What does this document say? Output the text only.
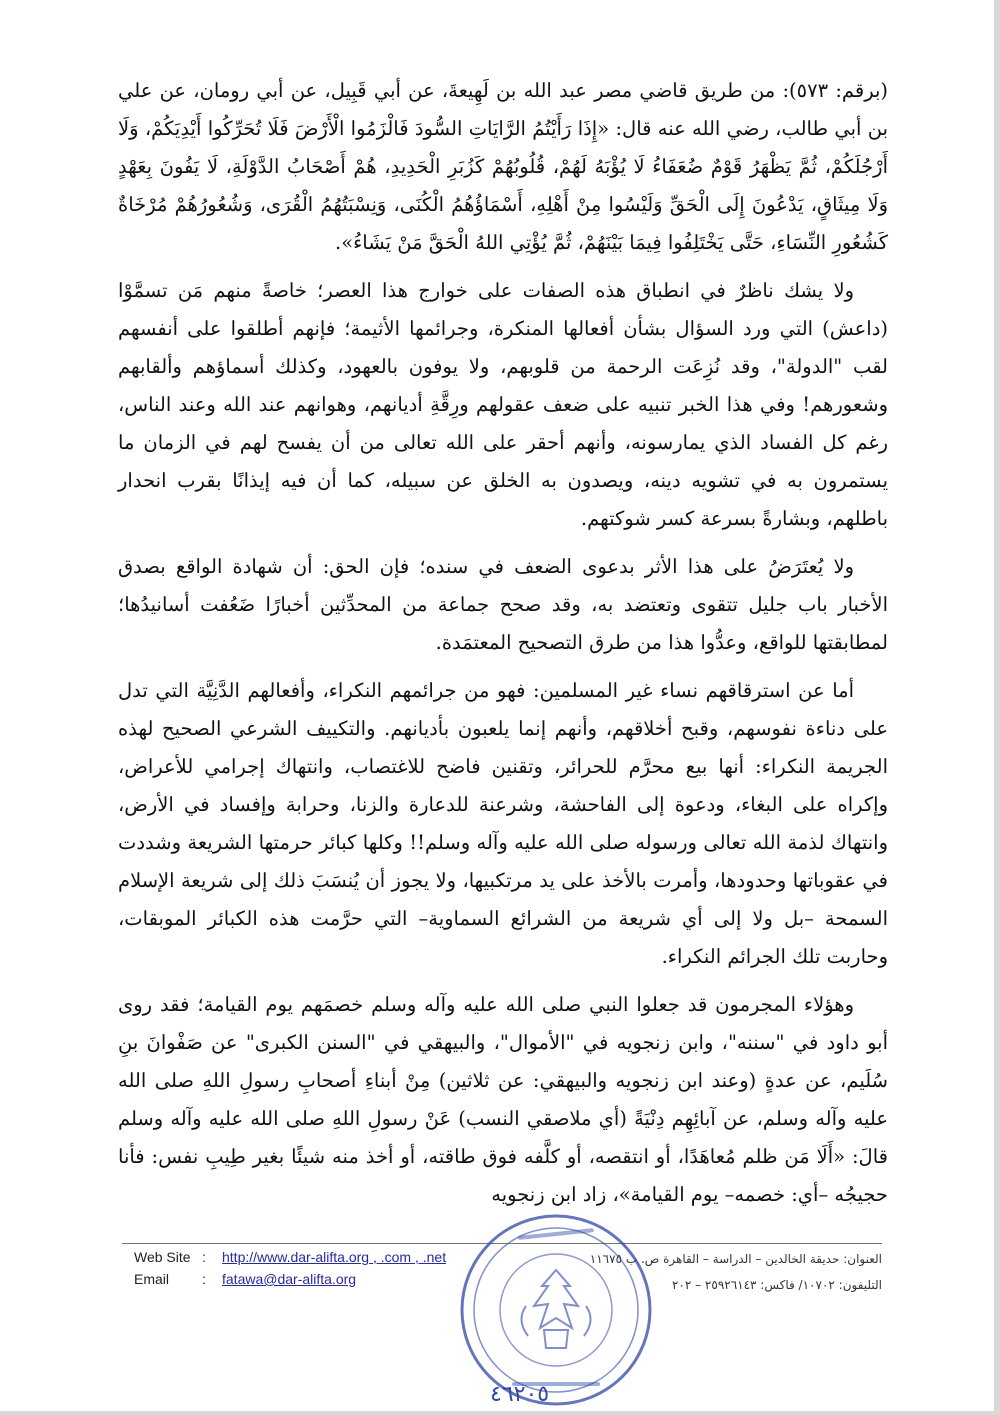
(برقم: ٥٧٣): من طريق قاضي مصر عبد الله بن لَهِيعةَ، عن أبي قَبِيل، عن أبي رومان، عن علي بن أبي طالب، رضي الله عنه قال: «إِذَا رَأَيْتُمُ الرَّايَاتِ السُّودَ فَالْزَمُوا الْأَرْضَ فَلَا تُحَرِّكُوا أَيْدِيَكُمْ، وَلَا أَرْجُلَكُمْ، ثُمَّ يَظْهَرُ قَوْمٌ ضُعَفَاءُ لَا يُؤْبَهُ لَهُمْ، قُلُوبُهُمْ كَزُبَرِ الْحَدِيدِ، هُمْ أَصْحَابُ الدَّوْلَةِ، لَا يَفُونَ بِعَهْدٍ وَلَا مِيثَاقٍ، يَدْعُونَ إِلَى الْحَقِّ وَلَيْسُوا مِنْ أَهْلِهِ، أَسْمَاؤُهُمُ الْكُنَى، وَنِسْبَتُهُمُ الْقُرَى، وَشُعُورُهُمْ مُرْخَاةٌ كَشُعُورِ النِّسَاءِ، حَتَّى يَخْتَلِفُوا فِيمَا بَيْنَهُمْ، ثُمَّ يُؤْتِي اللهُ الْحَقَّ مَنْ يَشَاءُ».

ولا يشك ناظرٌ في انطباق هذه الصفات على خوارج هذا العصر؛ خاصةً منهم مَن تسمَّوْا (داعش) التي ورد السؤال بشأن أفعالها المنكرة، وجرائمها الأثيمة؛ فإنهم أطلقوا على أنفسهم لقب "الدولة"، وقد نُزِعَت الرحمة من قلوبهم، ولا يوفون بالعهود، وكذلك أسماؤهم وألقابهم وشعورهم! وفي هذا الخبر تنبيه على ضعف عقولهم ورِقَّةِ أديانهم، وهوانهم عند الله وعند الناس، رغم كل الفساد الذي يمارسونه، وأنهم أحقر على الله تعالى من أن يفسح لهم في الزمان ما يستمرون به في تشويه دينه، ويصدون به الخلق عن سبيله، كما أن فيه إيذانًا بقرب انحدار باطلهم، وبشارةً بسرعة كسر شوكتهم.

ولا يُعتَرَضُ على هذا الأثر بدعوى الضعف في سنده؛ فإن الحق: أن شهادة الواقع بصدق الأخبار باب جليل تتقوى وتعتضد به، وقد صحح جماعة من المحدِّثين أخبارًا ضَعُفت أسانيدُها؛ لمطابقتها للواقع، وعدُّوا هذا من طرق التصحيح المعتمَدة.

أما عن استرقاقهم نساء غير المسلمين: فهو من جرائمهم النكراء، وأفعالهم الدَّنِيَّة التي تدل على دناءة نفوسهم، وقبح أخلاقهم، وأنهم إنما يلعبون بأديانهم. والتكييف الشرعي الصحيح لهذه الجريمة النكراء: أنها بيع محرَّم للحرائر، وتقنين فاضح للاغتصاب، وانتهاك إجرامي للأعراض، وإكراه على البغاء، ودعوة إلى الفاحشة، وشرعنة للدعارة والزنا، وحرابة وإفساد في الأرض، وانتهاك لذمة الله تعالى ورسوله صلى الله عليه وآله وسلم!! وكلها كبائر حرمتها الشريعة وشددت في عقوباتها وحدودها، وأمرت بالأخذ على يد مرتكبيها، ولا يجوز أن يُنسَبَ ذلك إلى شريعة الإسلام السمحة –بل ولا إلى أي شريعة من الشرائع السماوية– التي حرَّمت هذه الكبائر الموبقات، وحاربت تلك الجرائم النكراء.

وهؤلاء المجرمون قد جعلوا النبي صلى الله عليه وآله وسلم خصمَهم يوم القيامة؛ فقد روى أبو داود في "سننه"، وابن زنجويه في "الأموال"، والبيهقي في "السنن الكبرى" عن صَفْوانَ بنِ سُلَيم، عن عدةٍ (وعند ابن زنجويه والبيهقي: عن ثلاثين) مِنْ أبناءِ أصحابِ رسولِ اللهِ صلى الله عليه وآله وسلم، عن آبائِهِم دِنْيَةً (أي ملاصقي النسب) عَنْ رسولِ اللهِ صلى الله عليه وآله وسلم قالَ: «أَلَا مَن ظلم مُعاهَدًا، أو انتقصه، أو كلَّفه فوق طاقته، أو أخذ منه شيئًا بغير طِيبِ نفس: فأنا حجيجُه –أي: خصمه– يوم القيامة»، زاد ابن زنجويه

Web Site :	http://www.dar-alifta.org , .com , .net
Email	:	fatawa@dar-alifta.org
العنوان: حديقة الخالدين – الدراسة – القاهرة ص. ب ١١٦٧٥
التليفون: ١٠٧٠٢/ فاكس: ٢٥٩٢٦١٤٣ – ٢٠٢
٤٦٢٠٥
